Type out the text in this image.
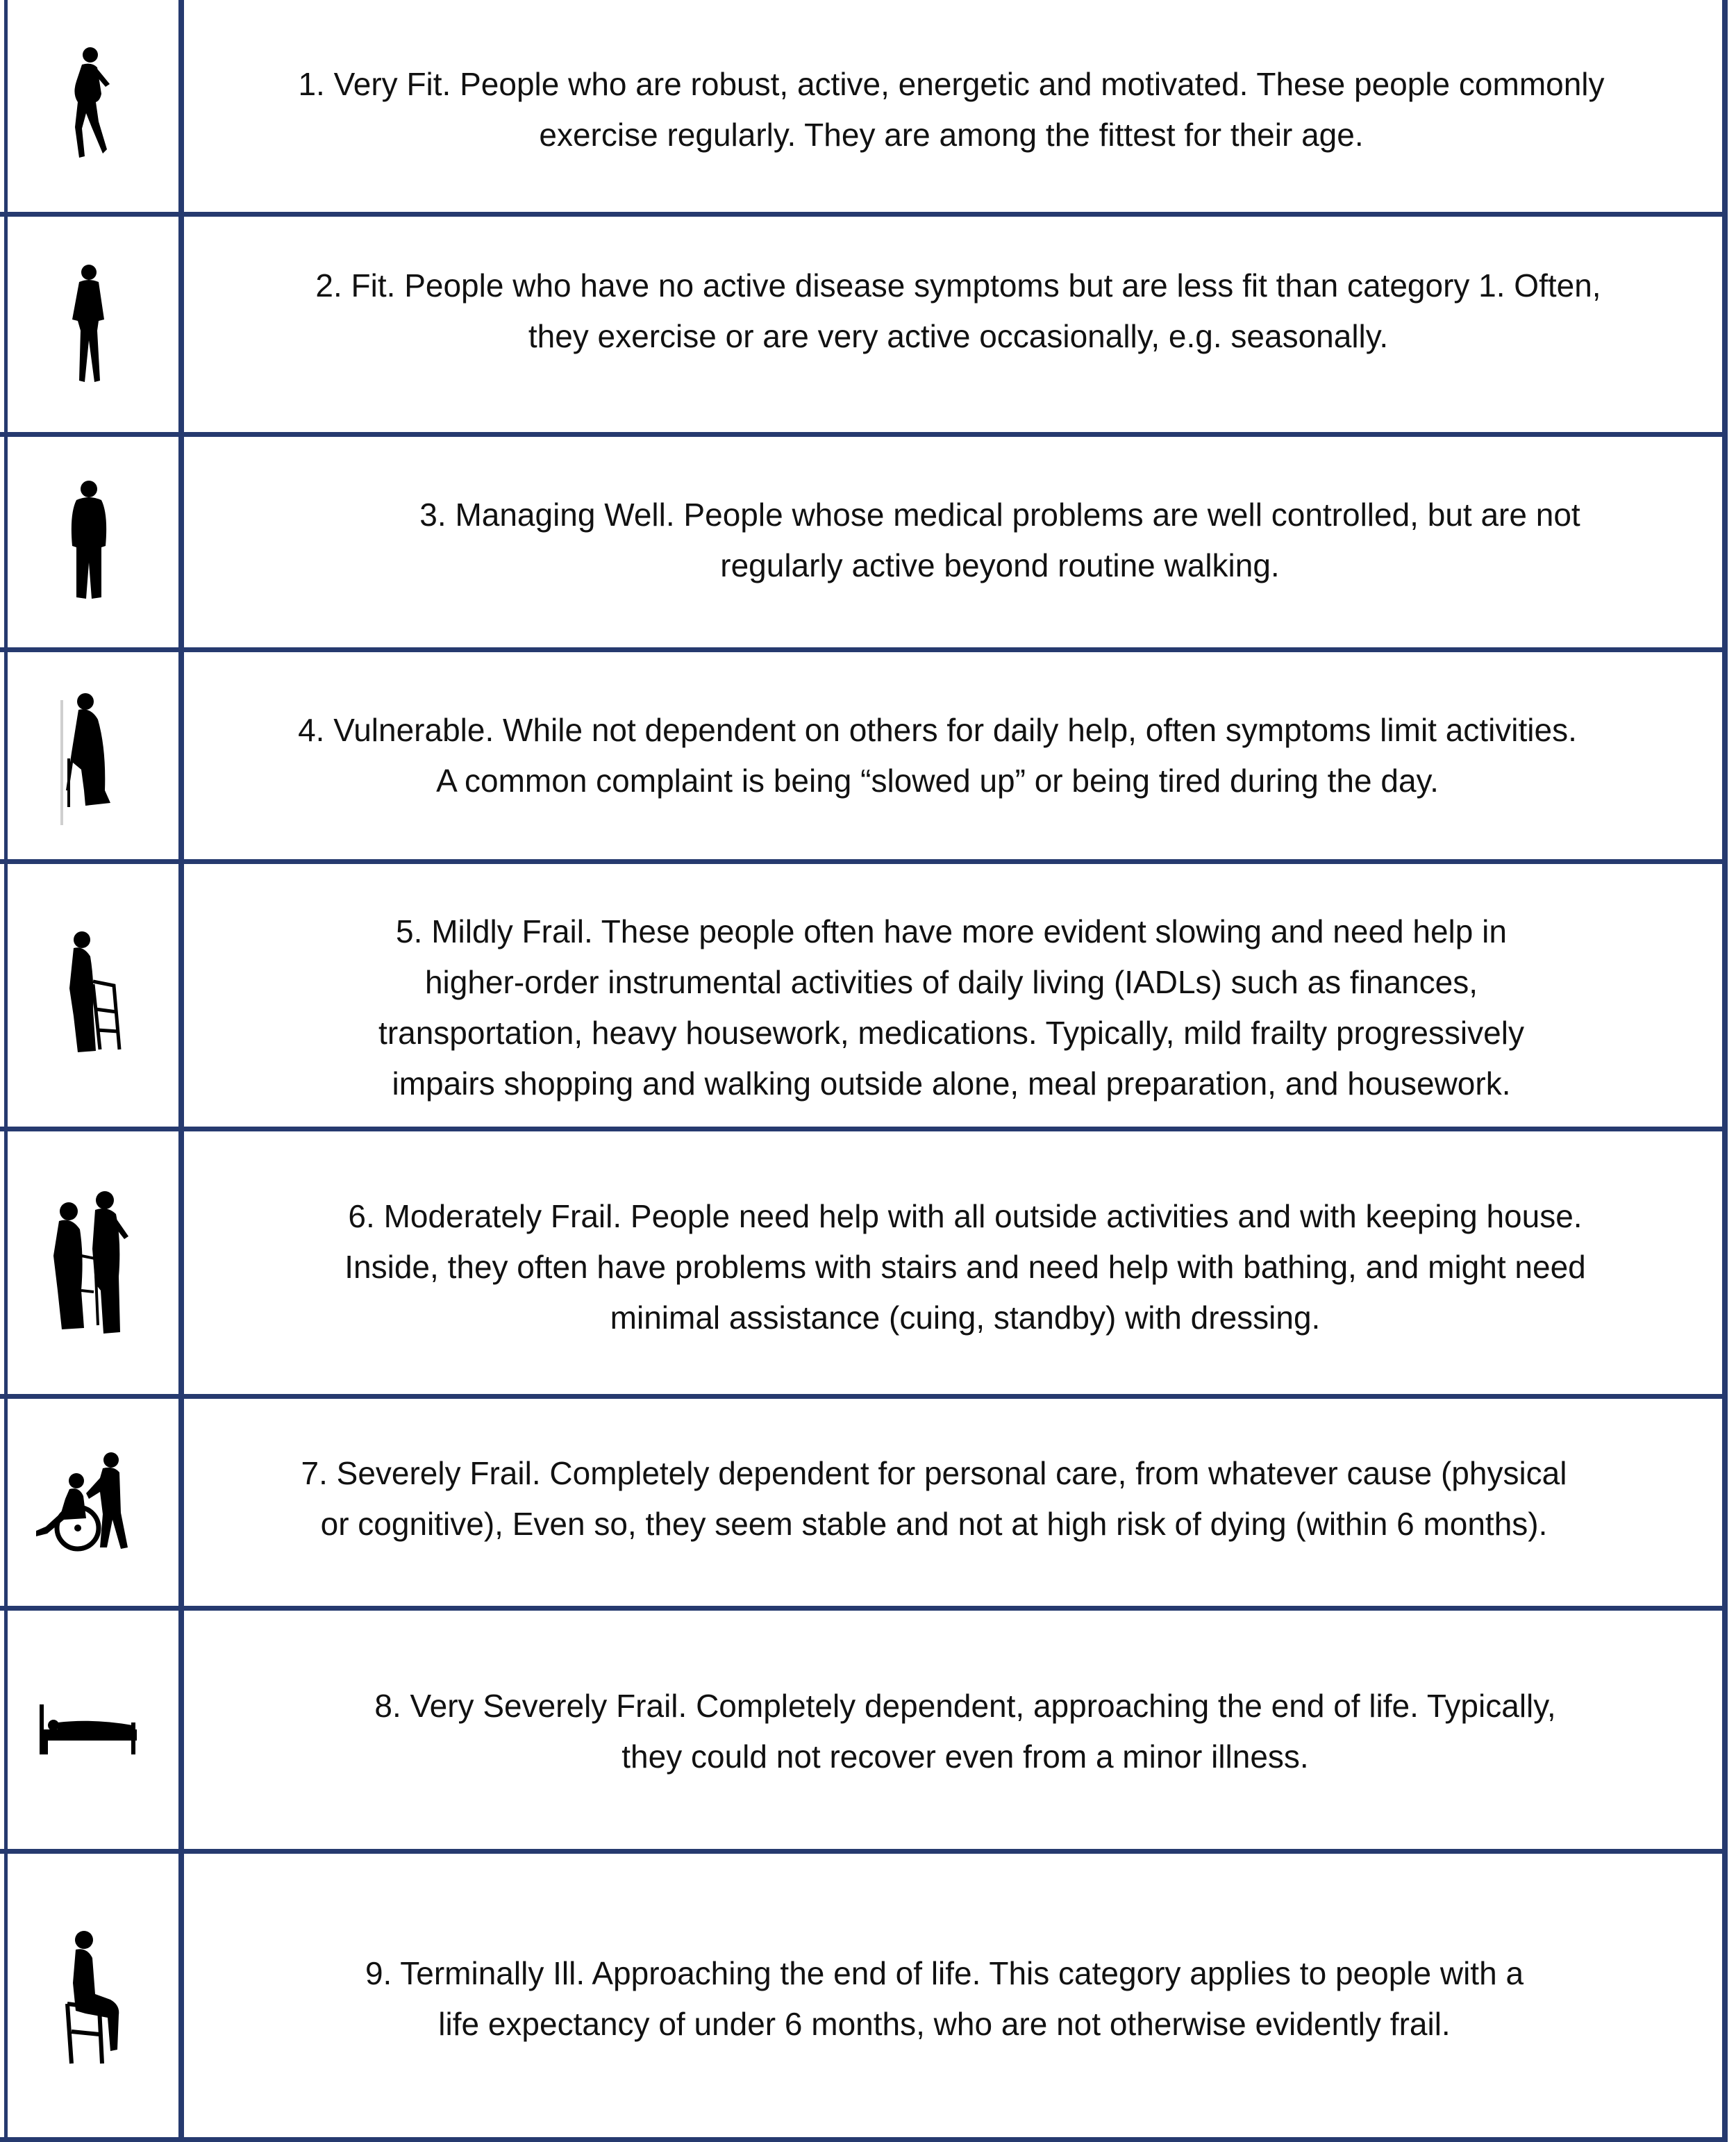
1. Very Fit. People who are robust, active, energetic and motivated. These people commonly
exercise regularly. They are among the fittest for their age.
2. Fit. People who have no active disease symptoms but are less fit than category 1. Often,
they exercise or are very active occasionally, e.g. seasonally.
3. Managing Well. People whose medical problems are well controlled, but are not
regularly active beyond routine walking.
4. Vulnerable. While not dependent on others for daily help, often symptoms limit activities.
A common complaint is being “slowed up” or being tired during the day.
5. Mildly Frail. These people often have more evident slowing and need help in
higher-order instrumental activities of daily living (IADLs) such as finances,
transportation, heavy housework, medications. Typically, mild frailty progressively
impairs shopping and walking outside alone, meal preparation, and housework.
6. Moderately Frail. People need help with all outside activities and with keeping house.
Inside, they often have problems with stairs and need help with bathing, and might need
minimal assistance (cuing, standby) with dressing.
7. Severely Frail. Completely dependent for personal care, from whatever cause (physical
or cognitive), Even so, they seem stable and not at high risk of dying (within 6 months).
8. Very Severely Frail. Completely dependent, approaching the end of life. Typically,
they could not recover even from a minor illness.
9. Terminally Ill. Approaching the end of life. This category applies to people with a
life expectancy of under 6 months, who are not otherwise evidently frail.
